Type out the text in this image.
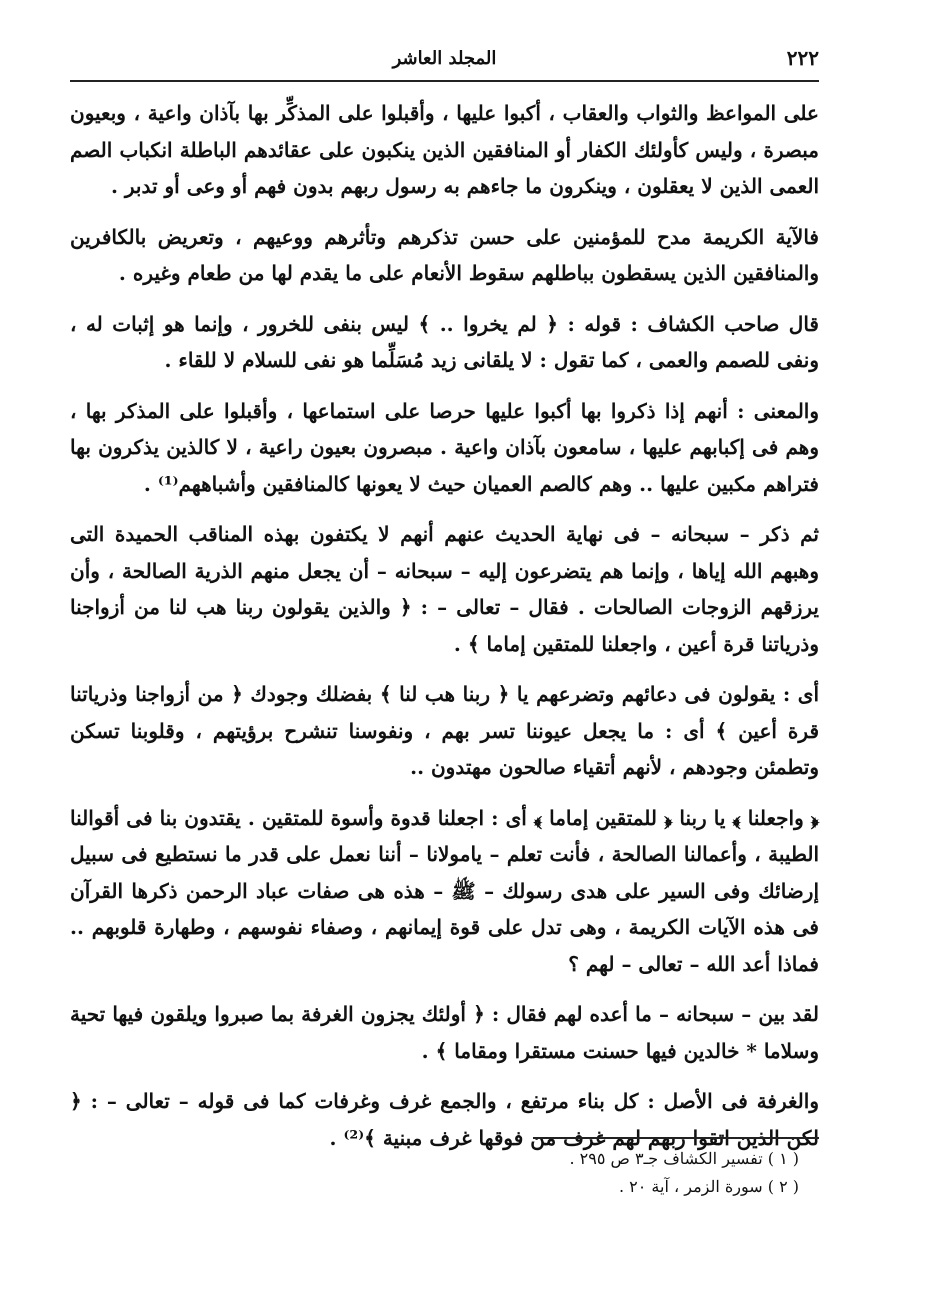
٢٢٢
المجلد العاشر

على المواعظ والثواب والعقاب ، أكبوا عليها ، وأقبلوا على المذكِّر بها بآذان واعية ، وبعيون مبصرة ، وليس كأولئك الكفار أو المنافقين الذين ينكبون على عقائدهم الباطلة انكباب الصم العمى الذين لا يعقلون ، وينكرون ما جاءهم به رسول ربهم بدون فهم أو وعى أو تدبر .

فالآية الكريمة مدح للمؤمنين على حسن تذكرهم وتأثرهم ووعيهم ، وتعريض بالكافرين والمنافقين الذين يسقطون بباطلهم سقوط الأنعام على ما يقدم لها من طعام وغيره .

قال صاحب الكشاف : قوله : ﴿ لم يخروا .. ﴾ ليس بنفى للخرور ، وإنما هو إثبات له ، ونفى للصمم والعمى ، كما تقول : لا يلقانى زيد مُسَلِّما هو نفى للسلام لا للقاء .

والمعنى : أنهم إذا ذكروا بها أكبوا عليها حرصا على استماعها ، وأقبلوا على المذكر بها ، وهم فى إكبابهم عليها ، سامعون بآذان واعية . مبصرون بعيون راعية ، لا كالذين يذكرون بها فتراهم مكبين عليها .. وهم كالصم العميان حيث لا يعونها كالمنافقين وأشباههم⁽¹⁾ .

ثم ذكر – سبحانه – فى نهاية الحديث عنهم أنهم لا يكتفون بهذه المناقب الحميدة التى وهبهم الله إياها ، وإنما هم يتضرعون إليه – سبحانه – أن يجعل منهم الذرية الصالحة ، وأن يرزقهم الزوجات الصالحات . فقال – تعالى – : ﴿ والذين يقولون ربنا هب لنا من أزواجنا وذرياتنا قرة أعين ، واجعلنا للمتقين إماما ﴾ .

أى : يقولون فى دعائهم وتضرعهم يا ﴿ ربنا هب لنا ﴾ بفضلك وجودك ﴿ من أزواجنا وذرياتنا قرة أعين ﴾ أى : ما يجعل عيوننا تسر بهم ، ونفوسنا تنشرح برؤيتهم ، وقلوبنا تسكن وتطمئن وجودهم ، لأنهم أتقياء صالحون مهتدون ..

﴿ واجعلنا ﴾ يا ربنا ﴿ للمتقين إماما ﴾ أى : اجعلنا قدوة وأسوة للمتقين . يقتدون بنا فى أقوالنا الطيبة ، وأعمالنا الصالحة ، فأنت تعلم – يامولانا – أننا نعمل على قدر ما نستطيع فى سبيل إرضائك وفى السير على هدى رسولك – ﷺ – هذه هى صفات عباد الرحمن ذكرها القرآن فى هذه الآيات الكريمة ، وهى تدل على قوة إيمانهم ، وصفاء نفوسهم ، وطهارة قلوبهم .. فماذا أعد الله – تعالى – لهم ؟

لقد بين – سبحانه – ما أعده لهم فقال : ﴿ أولئك يجزون الغرفة بما صبروا ويلقون فيها تحية وسلاما * خالدين فيها حسنت مستقرا ومقاما ﴾ .

والغرفة فى الأصل : كل بناء مرتفع ، والجمع غرف وغرفات كما فى قوله – تعالى – : ﴿ لكن الذين اتقوا ربهم لهم غرف من فوقها غرف مبنية ﴾⁽²⁾ .

( ١ ) تفسير الكشاف جـ٣ ص ٢٩٥ .

( ٢ ) سورة الزمر ، آية ٢٠ .
